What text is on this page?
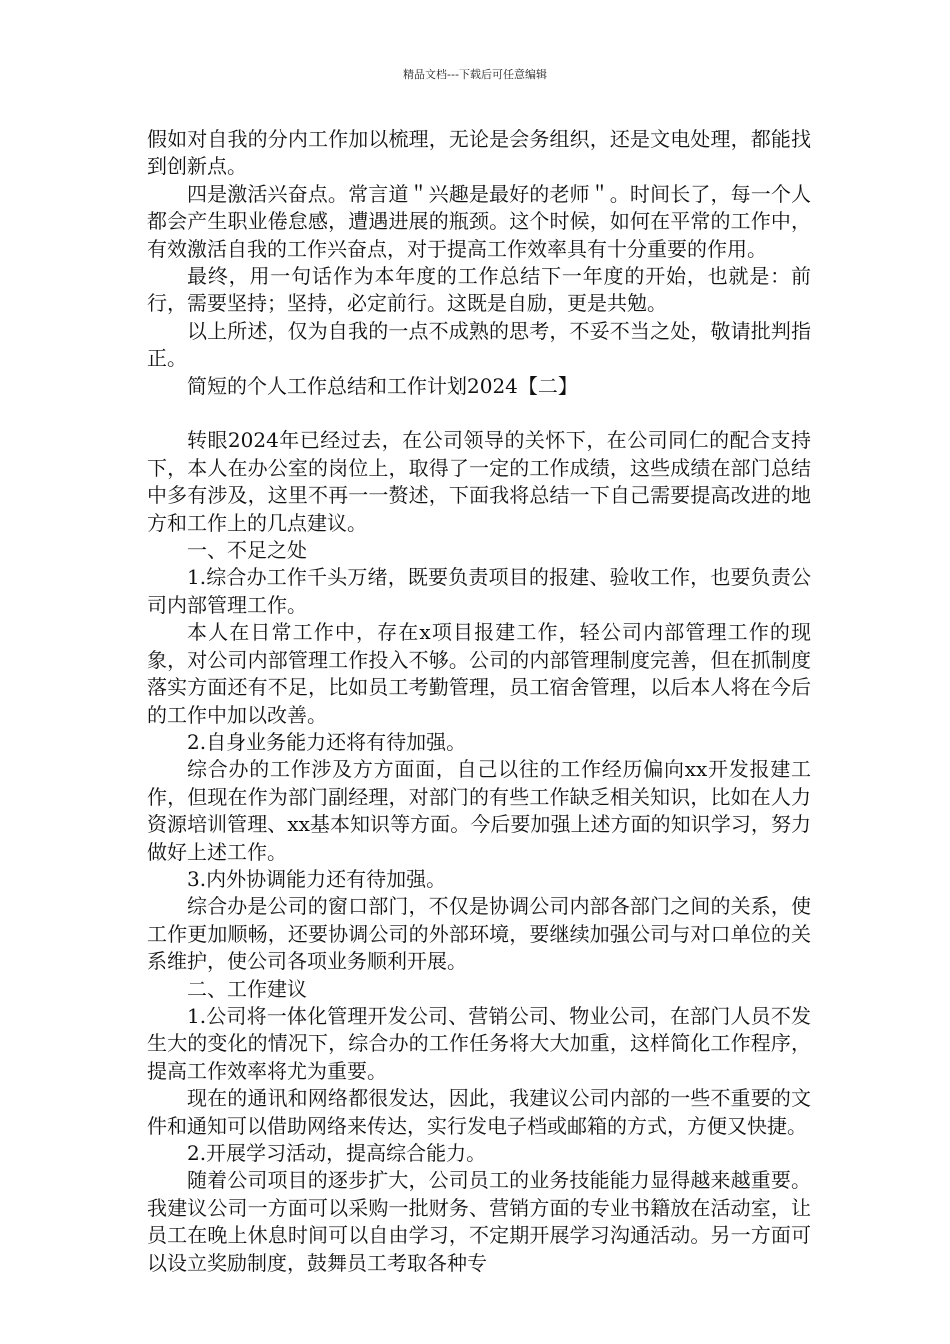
精品文档---下载后可任意编辑

假如对自我的分内工作加以梳理，无论是会务组织，还是文电处理，都能找到创新点。

四是激活兴奋点。常言道＂兴趣是最好的老师＂。时间长了，每一个人都会产生职业倦怠感，遭遇进展的瓶颈。这个时候，如何在平常的工作中，有效激活自我的工作兴奋点，对于提高工作效率具有十分重要的作用。

最终，用一句话作为本年度的工作总结下一年度的开始，也就是：前行，需要坚持；坚持，必定前行。这既是自励，更是共勉。

以上所述，仅为自我的一点不成熟的思考，不妥不当之处，敬请批判指正。

简短的个人工作总结和工作计划2024【二】

转眼2024年已经过去，在公司领导的关怀下，在公司同仁的配合支持下，本人在办公室的岗位上，取得了一定的工作成绩，这些成绩在部门总结中多有涉及，这里不再一一赘述，下面我将总结一下自己需要提高改进的地方和工作上的几点建议。

一、不足之处

1.综合办工作千头万绪，既要负责项目的报建、验收工作，也要负责公司内部管理工作。

本人在日常工作中，存在x项目报建工作，轻公司内部管理工作的现象，对公司内部管理工作投入不够。公司的内部管理制度完善，但在抓制度落实方面还有不足，比如员工考勤管理，员工宿舍管理，以后本人将在今后的工作中加以改善。

2.自身业务能力还将有待加强。

综合办的工作涉及方方面面，自己以往的工作经历偏向xx开发报建工作，但现在作为部门副经理，对部门的有些工作缺乏相关知识，比如在人力资源培训管理、xx基本知识等方面。今后要加强上述方面的知识学习，努力做好上述工作。

3.内外协调能力还有待加强。

综合办是公司的窗口部门，不仅是协调公司内部各部门之间的关系，使工作更加顺畅，还要协调公司的外部环境，要继续加强公司与对口单位的关系维护，使公司各项业务顺利开展。

二、工作建议

1.公司将一体化管理开发公司、营销公司、物业公司，在部门人员不发生大的变化的情况下，综合办的工作任务将大大加重，这样简化工作程序，提高工作效率将尤为重要。

现在的通讯和网络都很发达，因此，我建议公司内部的一些不重要的文件和通知可以借助网络来传达，实行发电子档或邮箱的方式，方便又快捷。

2.开展学习活动，提高综合能力。

随着公司项目的逐步扩大，公司员工的业务技能能力显得越来越重要。我建议公司一方面可以采购一批财务、营销方面的专业书籍放在活动室，让员工在晚上休息时间可以自由学习，不定期开展学习沟通活动。另一方面可以设立奖励制度，鼓舞员工考取各种专
